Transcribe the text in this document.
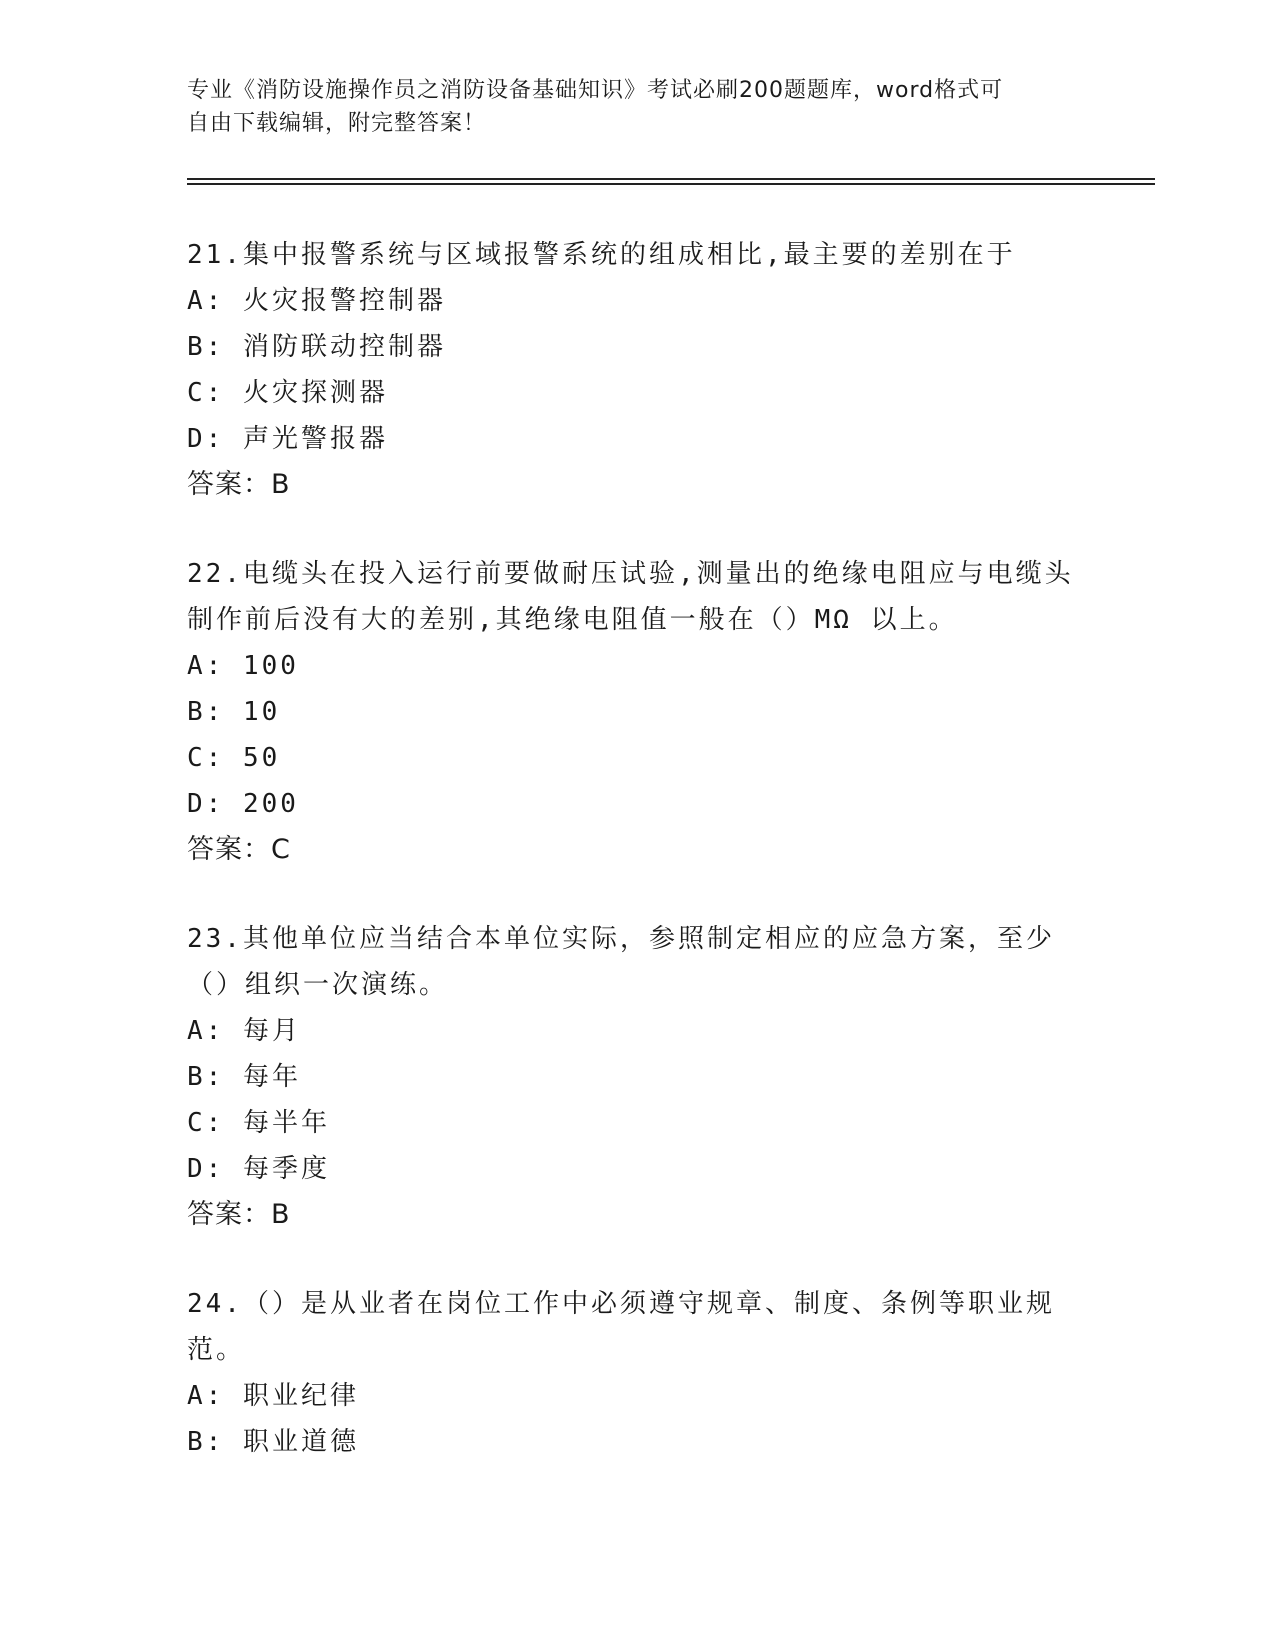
专业《消防设施操作员之消防设备基础知识》考试必刷200题题库，word格式可
自由下载编辑，附完整答案！

21.集中报警系统与区域报警系统的组成相比,最主要的差别在于

A: 火灾报警控制器
B: 消防联动控制器
C: 火灾探测器
D: 声光警报器
答案：B

22.电缆头在投入运行前要做耐压试验,测量出的绝缘电阻应与电缆头制作前后没有大的差别,其绝缘电阻值一般在（）MΩ 以上。

A: 100
B: 10
C: 50
D: 200
答案：C

23.其他单位应当结合本单位实际，参照制定相应的应急方案，至少（）组织一次演练。

A: 每月
B: 每年
C: 每半年
D: 每季度
答案：B

24.（）是从业者在岗位工作中必须遵守规章、制度、条例等职业规范。

A: 职业纪律
B: 职业道德
